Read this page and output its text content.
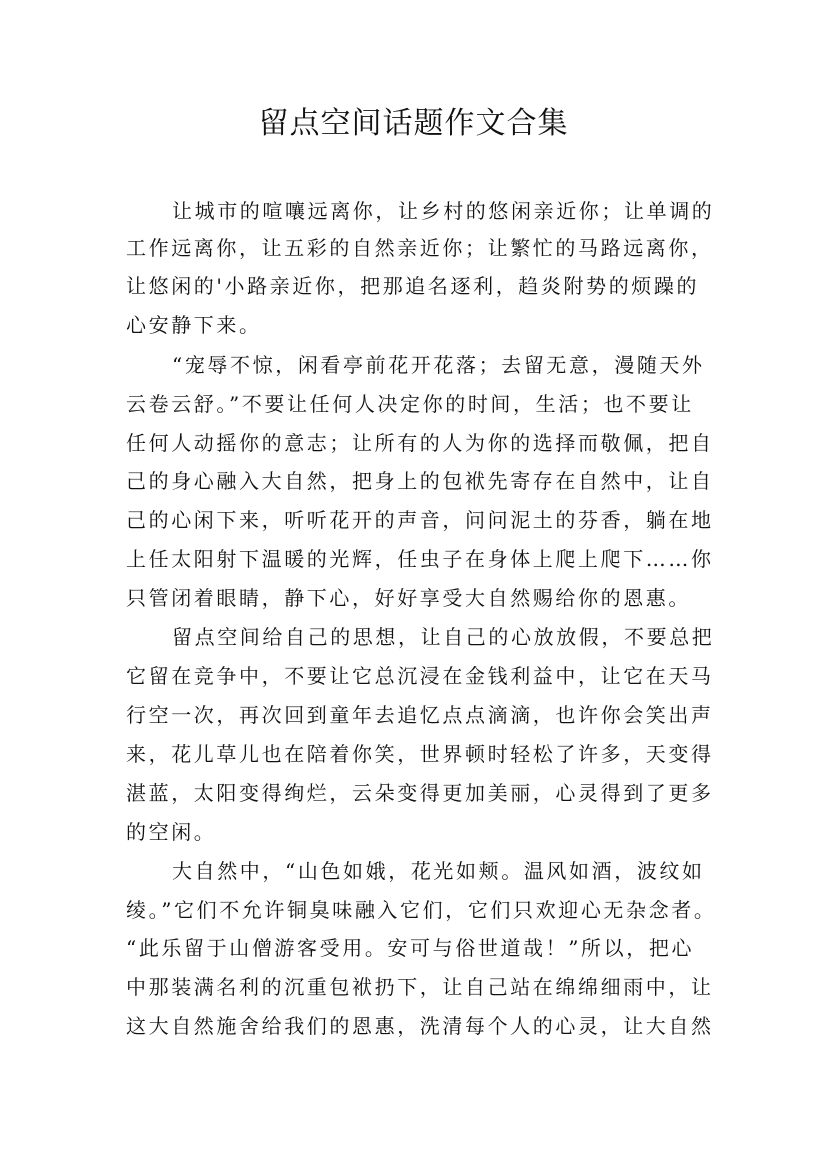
留点空间话题作文合集
让城市的喧嚷远离你，让乡村的悠闲亲近你；让单调的
工作远离你，让五彩的自然亲近你；让繁忙的马路远离你，
让悠闲的'小路亲近你，把那追名逐利，趋炎附势的烦躁的
心安静下来。
“宠辱不惊，闲看亭前花开花落；去留无意，漫随天外
云卷云舒。”不要让任何人决定你的时间，生活；也不要让
任何人动摇你的意志；让所有的人为你的选择而敬佩，把自
己的身心融入大自然，把身上的包袱先寄存在自然中，让自
己的心闲下来，听听花开的声音，问问泥土的芬香，躺在地
上任太阳射下温暖的光辉，任虫子在身体上爬上爬下……你
只管闭着眼睛，静下心，好好享受大自然赐给你的恩惠。
留点空间给自己的思想，让自己的心放放假，不要总把
它留在竞争中，不要让它总沉浸在金钱利益中，让它在天马
行空一次，再次回到童年去追忆点点滴滴，也许你会笑出声
来，花儿草儿也在陪着你笑，世界顿时轻松了许多，天变得
湛蓝，太阳变得绚烂，云朵变得更加美丽，心灵得到了更多
的空闲。
大自然中，“山色如娥，花光如颊。温风如酒，波纹如
绫。”它们不允许铜臭味融入它们，它们只欢迎心无杂念者。
“此乐留于山僧游客受用。安可与俗世道哉！”所以，把心
中那装满名利的沉重包袱扔下，让自己站在绵绵细雨中，让
这大自然施舍给我们的恩惠，洗清每个人的心灵，让大自然
